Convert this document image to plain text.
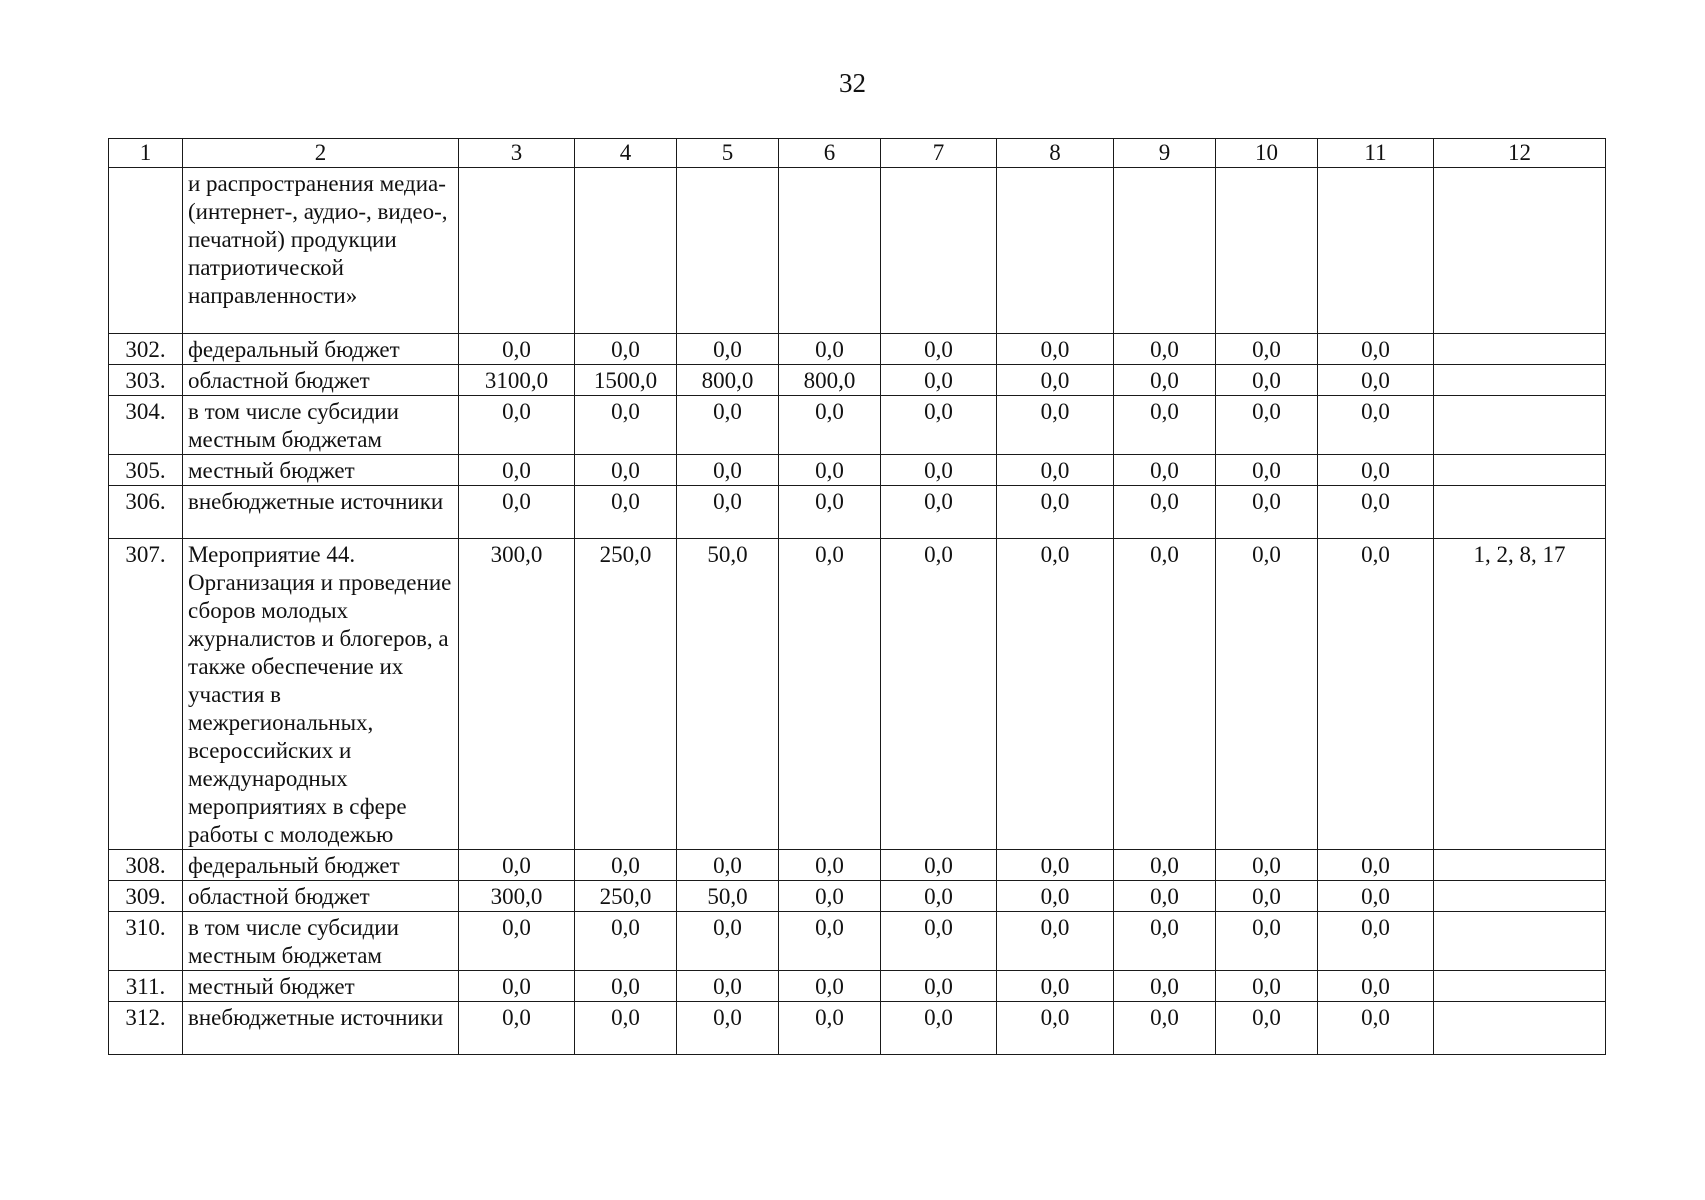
32
1	2	3	4	5	6	7	8	9	10	11	12
	и распространения медиа- (интернет-, аудио-, видео-, печатной) продукции патриотической направленности»										
302.	федеральный бюджет	0,0	0,0	0,0	0,0	0,0	0,0	0,0	0,0	0,0	
303.	областной бюджет	3100,0	1500,0	800,0	800,0	0,0	0,0	0,0	0,0	0,0	
304.	в том числе субсидии местным бюджетам	0,0	0,0	0,0	0,0	0,0	0,0	0,0	0,0	0,0	
305.	местный бюджет	0,0	0,0	0,0	0,0	0,0	0,0	0,0	0,0	0,0	
306.	внебюджетные источники	0,0	0,0	0,0	0,0	0,0	0,0	0,0	0,0	0,0	
307.	Мероприятие 44. Организация и проведение сборов молодых журналистов и блогеров, а также обеспечение их участия в межрегиональных, всероссийских и международных мероприятиях в сфере работы с молодежью	300,0	250,0	50,0	0,0	0,0	0,0	0,0	0,0	0,0	1, 2, 8, 17
308.	федеральный бюджет	0,0	0,0	0,0	0,0	0,0	0,0	0,0	0,0	0,0	
309.	областной бюджет	300,0	250,0	50,0	0,0	0,0	0,0	0,0	0,0	0,0	
310.	в том числе субсидии местным бюджетам	0,0	0,0	0,0	0,0	0,0	0,0	0,0	0,0	0,0	
311.	местный бюджет	0,0	0,0	0,0	0,0	0,0	0,0	0,0	0,0	0,0	
312.	внебюджетные источники	0,0	0,0	0,0	0,0	0,0	0,0	0,0	0,0	0,0	
